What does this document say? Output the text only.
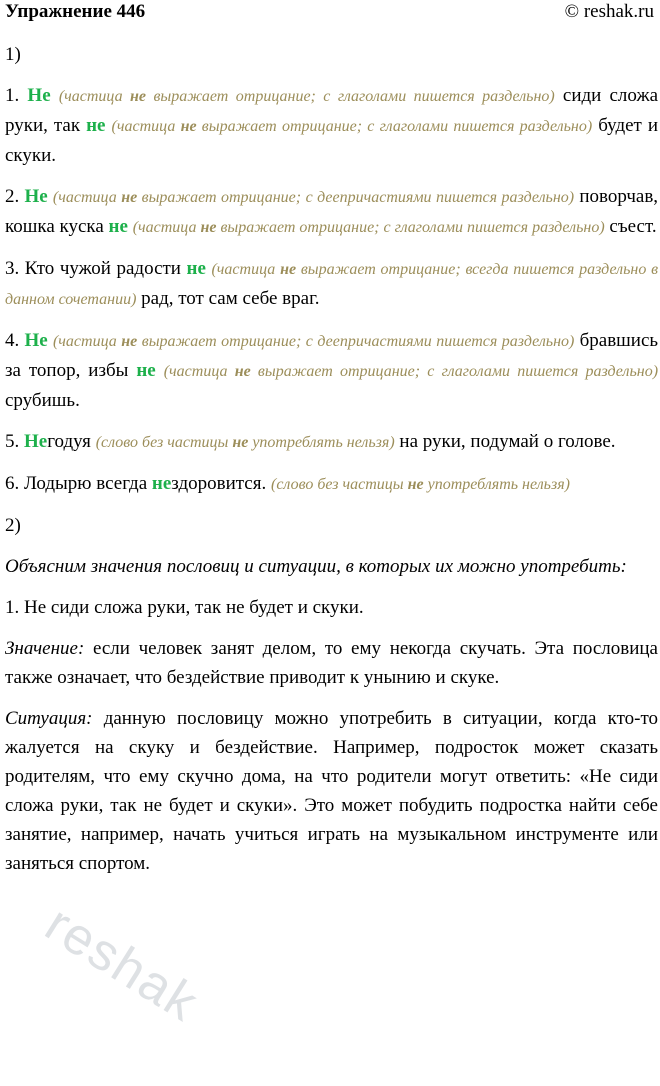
Упражнение 446	© reshak.ru

1)

1. Не (частица не выражает отрицание; с глаголами пишется раздельно) сиди сложа руки, так не (частица не выражает отрицание; с глаголами пишется раздельно) будет и скуки.

2. Не (частица не выражает отрицание; с деепричастиями пишется раздельно) поворчав, кошка куска не (частица не выражает отрицание; с глаголами пишется раздельно) съест.

3. Кто чужой радости не (частица не выражает отрицание; всегда пишется раздельно в данном сочетании) рад, тот сам себе враг.

4. Не (частица не выражает отрицание; с деепричастиями пишется раздельно) бравшись за топор, избы не (частица не выражает отрицание; с глаголами пишется раздельно) срубишь.

5. Негодуя (слово без частицы не употреблять нельзя) на руки, подумай о голове.

6. Лодырю всегда нездоровится. (слово без частицы не употреблять нельзя)

2)

Объясним значения пословиц и ситуации, в которых их можно употребить:

1. Не сиди сложа руки, так не будет и скуки.

Значение: если человек занят делом, то ему некогда скучать. Эта пословица также означает, что бездействие приводит к унынию и скуке.

Ситуация: данную пословицу можно употребить в ситуации, когда кто-то жалуется на скуку и бездействие. Например, подросток может сказать родителям, что ему скучно дома, на что родители могут ответить: «Не сиди сложа руки, так не будет и скуки». Это может побудить подростка найти себе занятие, например, начать учиться играть на музыкальном инструменте или заняться спортом.

reshak
